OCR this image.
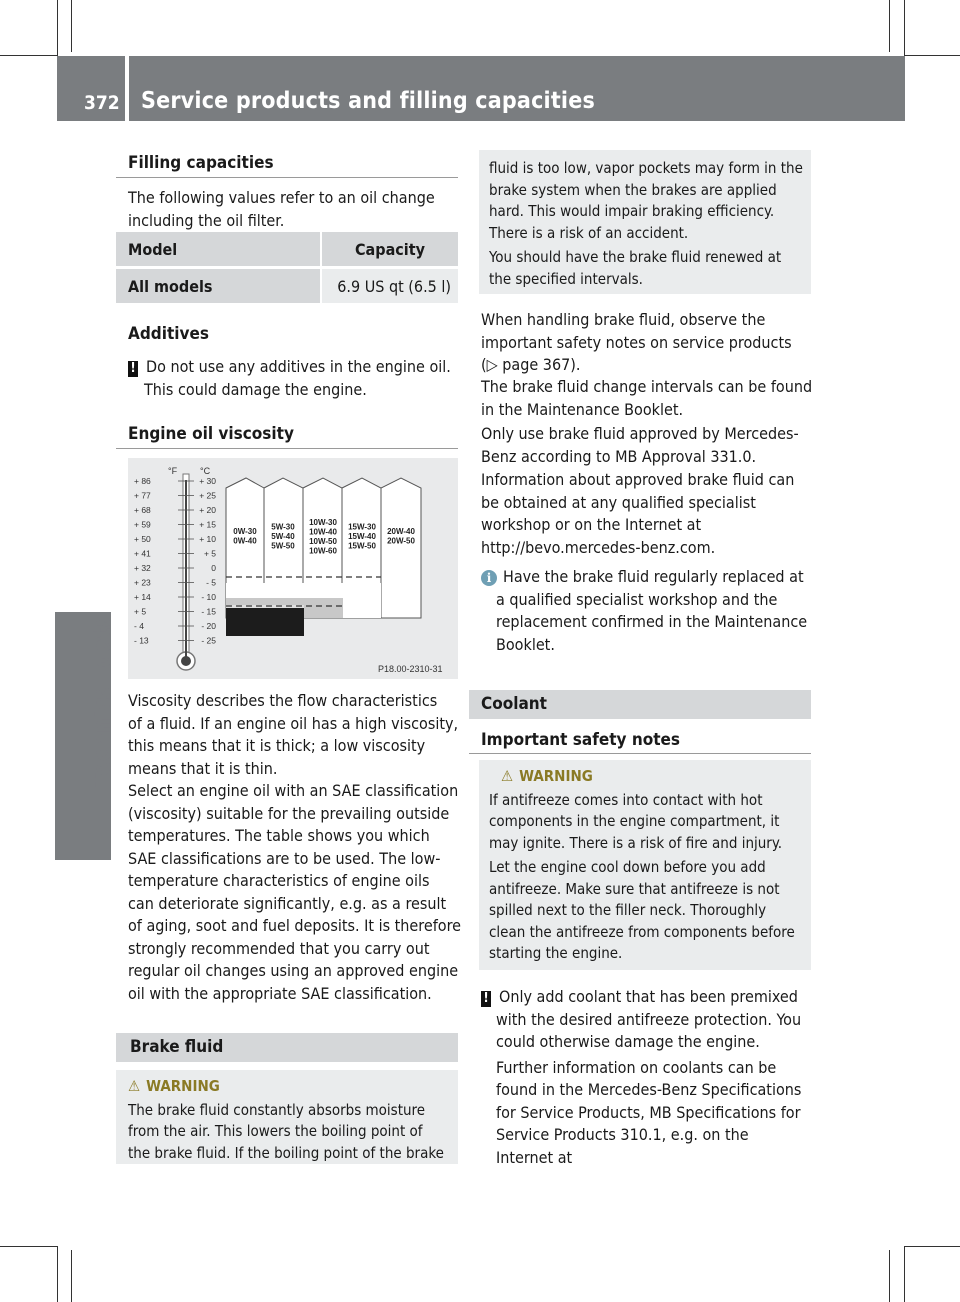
372 Service products and filling capacities
Technical data
Filling capacities
The following values refer to an oil change
including the oil filter.
Model	Capacity

All models	6.9 US qt (6.5 l)
Additives
! Do not use any additives in the engine oil.
This could damage the engine.
Engine oil viscosity
°F	°C
+ 86
+ 77
+ 68
+ 59
+ 50
+ 41
+ 32
+ 23
+ 14
+ 5
- 4
- 13
+ 30
+ 25
+ 20
+ 15
+ 10
+ 5
0
- 5
- 10
- 15
- 20
- 25
0W-30
0W-40
5W-30
5W-40
5W-50
10W-30
10W-40
10W-50
10W-60
15W-30
15W-40
15W-50
20W-40
20W-50
P18.00-2310-31
Viscosity describes the flow characteristics
of a fluid. If an engine oil has a high viscosity,
this means that it is thick; a low viscosity
means that it is thin.
Select an engine oil with an SAE classification
(viscosity) suitable for the prevailing outside
temperatures. The table shows you which
SAE classifications are to be used. The low-
temperature characteristics of engine oils
can deteriorate significantly, e.g. as a result
of aging, soot and fuel deposits. It is therefore
strongly recommended that you carry out
regular oil changes using an approved engine
oil with the appropriate SAE classification.
Brake fluid
⚠ WARNING
The brake fluid constantly absorbs moisture
from the air. This lowers the boiling point of
the brake fluid. If the boiling point of the brake
fluid is too low, vapor pockets may form in the
brake system when the brakes are applied
hard. This would impair braking efficiency.
There is a risk of an accident.
You should have the brake fluid renewed at
the specified intervals.
When handling brake fluid, observe the
important safety notes on service products
(▷ page 367).
The brake fluid change intervals can be found
in the Maintenance Booklet.
Only use brake fluid approved by Mercedes-
Benz according to MB Approval 331.0.
Information about approved brake fluid can
be obtained at any qualified specialist
workshop or on the Internet at
http://bevo.mercedes-benz.com.
i Have the brake fluid regularly replaced at
a qualified specialist workshop and the
replacement confirmed in the Maintenance
Booklet.
Coolant
Important safety notes
⚠ WARNING
If antifreeze comes into contact with hot
components in the engine compartment, it
may ignite. There is a risk of fire and injury.
Let the engine cool down before you add
antifreeze. Make sure that antifreeze is not
spilled next to the filler neck. Thoroughly
clean the antifreeze from components before
starting the engine.
! Only add coolant that has been premixed
with the desired antifreeze protection. You
could otherwise damage the engine.
Further information on coolants can be
found in the Mercedes-Benz Specifications
for Service Products, MB Specifications for
Service Products 310.1, e.g. on the
Internet at
